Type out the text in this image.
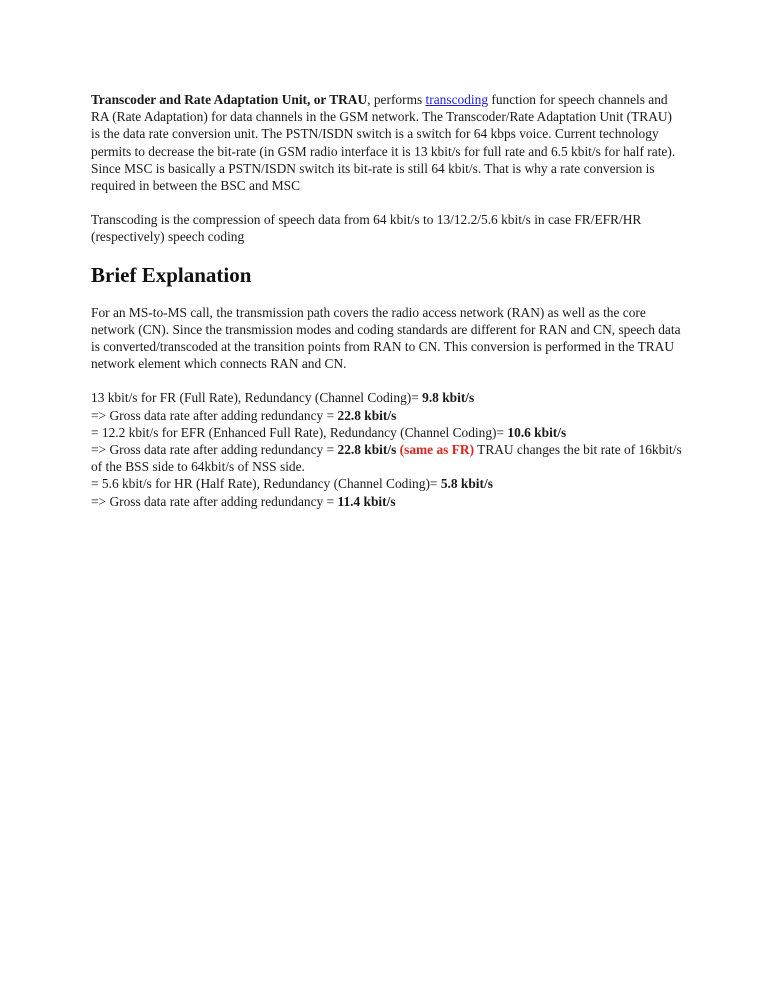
Transcoder and Rate Adaptation Unit, or TRAU, performs transcoding function for speech channels and RA (Rate Adaptation) for data channels in the GSM network. The Transcoder/Rate Adaptation Unit (TRAU) is the data rate conversion unit. The PSTN/ISDN switch is a switch for 64 kbps voice. Current technology permits to decrease the bit-rate (in GSM radio interface it is 13 kbit/s for full rate and 6.5 kbit/s for half rate). Since MSC is basically a PSTN/ISDN switch its bit-rate is still 64 kbit/s. That is why a rate conversion is required in between the BSC and MSC

Transcoding is the compression of speech data from 64 kbit/s to 13/12.2/5.6 kbit/s in case FR/EFR/HR (respectively) speech coding

Brief Explanation

For an MS-to-MS call, the transmission path covers the radio access network (RAN) as well as the core network (CN). Since the transmission modes and coding standards are different for RAN and CN, speech data is converted/transcoded at the transition points from RAN to CN. This conversion is performed in the TRAU network element which connects RAN and CN.

13 kbit/s for FR (Full Rate), Redundancy (Channel Coding)= 9.8 kbit/s
=> Gross data rate after adding redundancy = 22.8 kbit/s
= 12.2 kbit/s for EFR (Enhanced Full Rate), Redundancy (Channel Coding)= 10.6 kbit/s
=> Gross data rate after adding redundancy = 22.8 kbit/s (same as FR) TRAU changes the bit rate of 16kbit/s of the BSS side to 64kbit/s of NSS side.
= 5.6 kbit/s for HR (Half Rate), Redundancy (Channel Coding)= 5.8 kbit/s
=> Gross data rate after adding redundancy = 11.4 kbit/s
